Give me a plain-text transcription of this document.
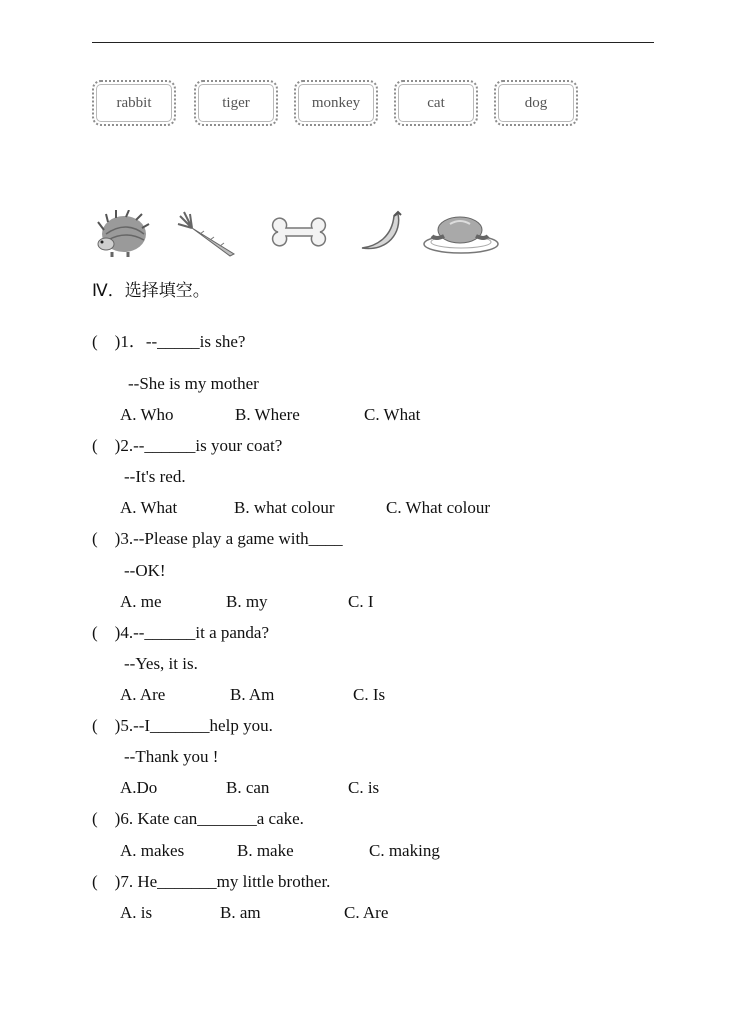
rabbit	tiger	monkey	cat	dog
Ⅳ．选择填空。
(    )1．--_____is she?
--She is my mother
A. Who	B. Where	C. What
(    )2.--______is your coat?
--It's red.
A. What	B. what colour	C. What colour
(    )3.--Please play a game with____
--OK!
A. me	B. my	C. I
(    )4.--______it a panda?
--Yes, it is.
A. Are	B. Am	C. Is
(    )5.--I_______help you.
--Thank you !
A.Do	B. can	C. is
(    )6. Kate can_______a cake.
A. makes	B. make	C. making
(    )7. He_______my little brother.
A. is	B. am	C. Are
